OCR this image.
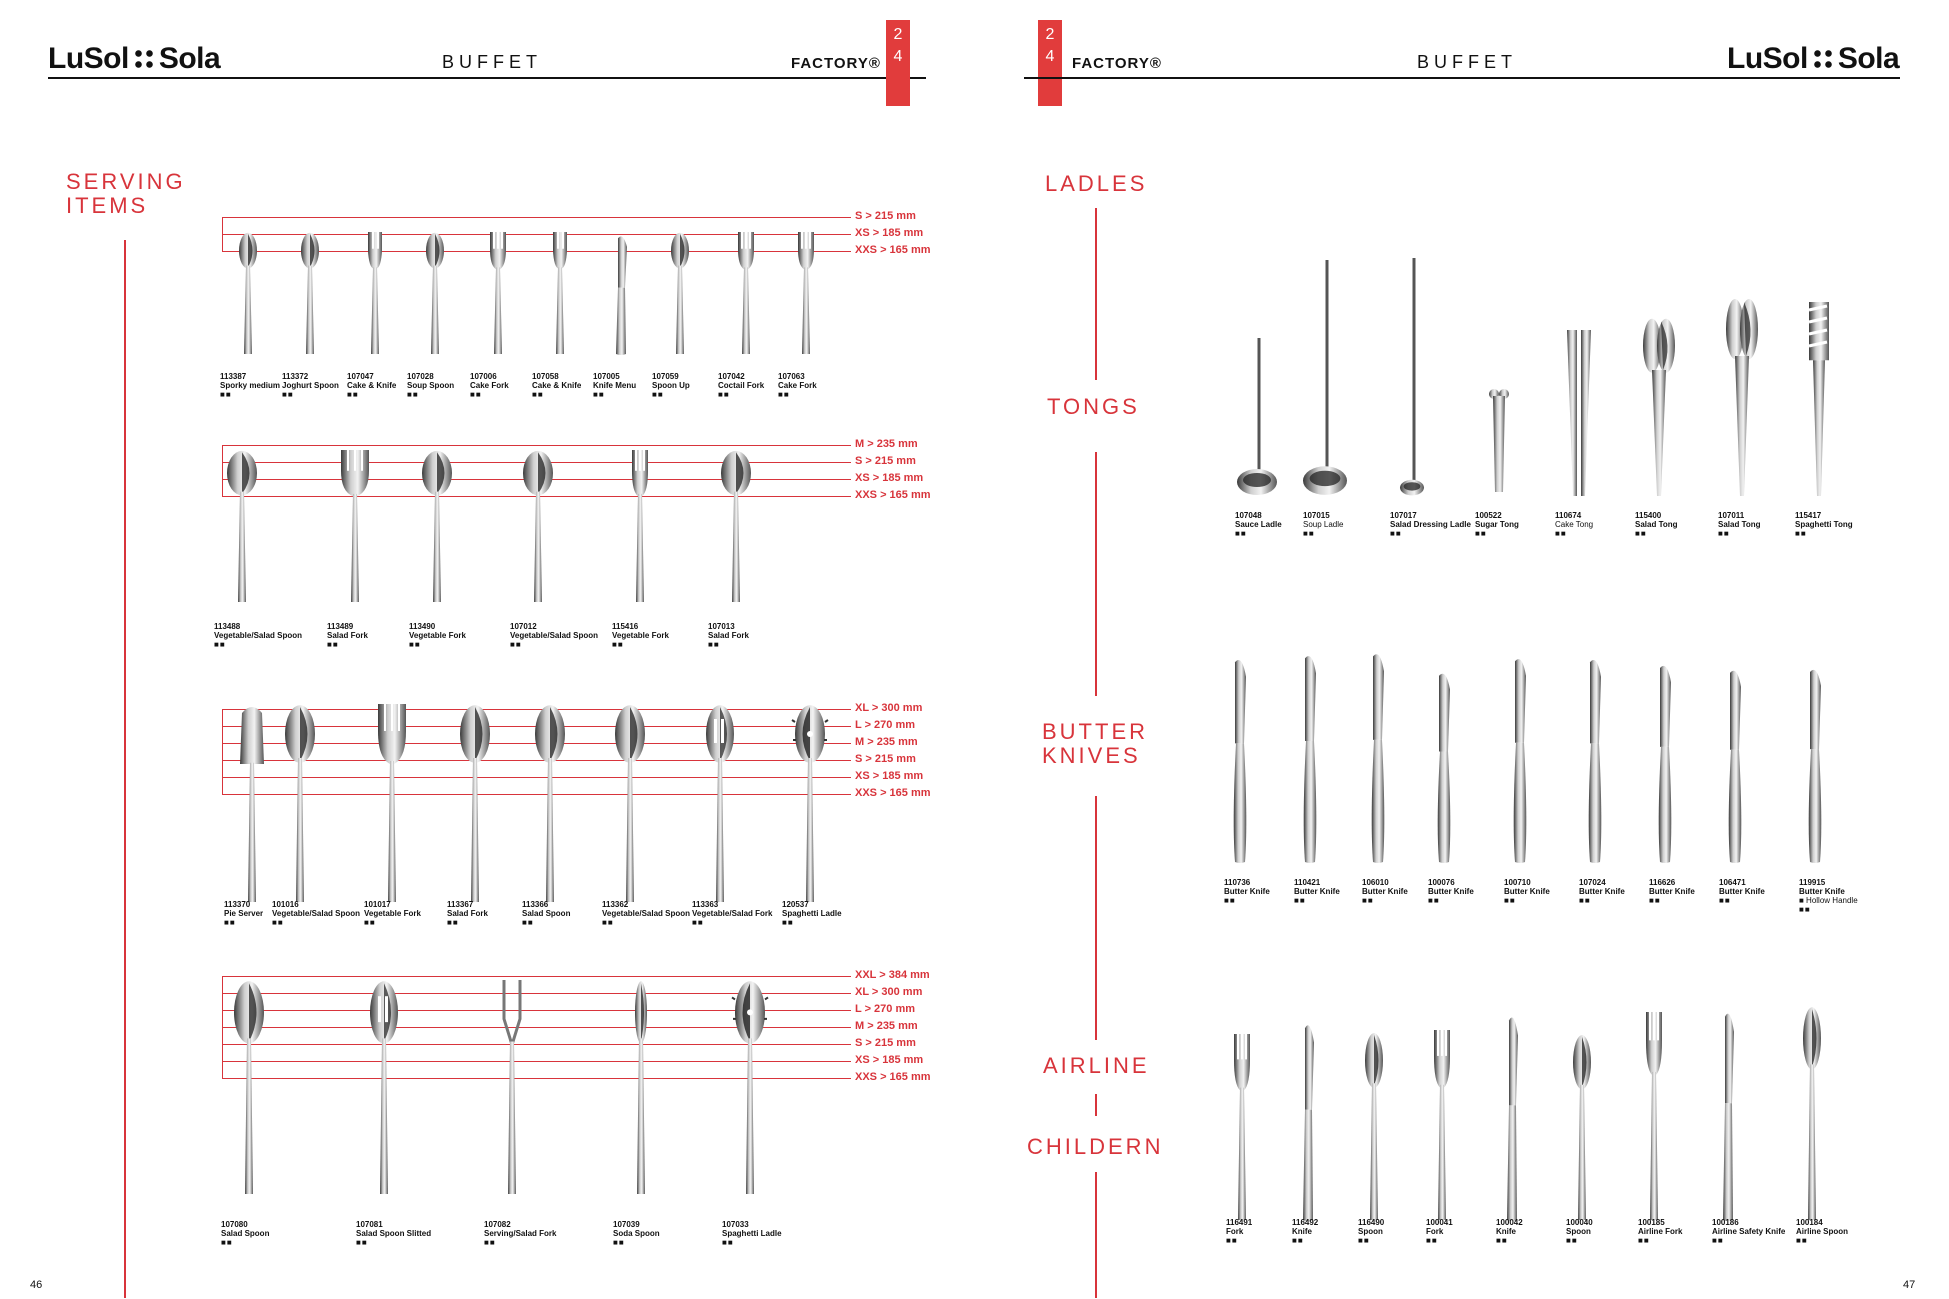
LuSol Sola	BUFFET	FACTORY®
2
4
2
4	FACTORY®	BUFFET	LuSol Sola
SERVING
ITEMS
LADLES
TONGS
BUTTER
KNIVES
AIRLINE
CHILDERN
46	47
S > 215 mm
XS > 185 mm
XXS > 165 mm
113387
Sporky medium
■■
113372
Joghurt Spoon
■■
107047
Cake & Knife
■■
107028
Soup Spoon
■■
107006
Cake Fork
■■
107058
Cake & Knife
■■
107005
Knife Menu
■■
107059
Spoon Up
■■
107042
Coctail Fork
■■
107063
Cake Fork
■■
M > 235 mm
S > 215 mm
XS > 185 mm
XXS > 165 mm
113488
Vegetable/Salad Spoon
■■
113489
Salad Fork
■■
113490
Vegetable Fork
■■
107012
Vegetable/Salad Spoon
■■
115416
Vegetable Fork
■■
107013
Salad Fork
■■
XL > 300 mm
L > 270 mm
M > 235 mm
S > 215 mm
XS > 185 mm
XXS > 165 mm
113370
Pie Server
■■
101016
Vegetable/Salad Spoon
■■
101017
Vegetable Fork
■■
113367
Salad Fork
■■
113366
Salad Spoon
■■
113362
Vegetable/Salad Spoon
■■
113363
Vegetable/Salad Fork
■■
120537
Spaghetti Ladle
■■
XXL > 384 mm
XL > 300 mm
L > 270 mm
M > 235 mm
S > 215 mm
XS > 185 mm
XXS > 165 mm
107080
Salad Spoon
■■
107081
Salad Spoon Slitted
■■
107082
Serving/Salad Fork
■■
107039
Soda Spoon
■■
107033
Spaghetti Ladle
■■
107048
Sauce Ladle
■■
107015
Soup Ladle
■■
107017
Salad Dressing Ladle
■■
100522
Sugar Tong
■■
110674
Cake Tong
■■
115400
Salad Tong
■■
107011
Salad Tong
■■
115417
Spaghetti Tong
■■
110736
Butter Knife
■■
110421
Butter Knife
■■
106010
Butter Knife
■■
100076
Butter Knife
■■
100710
Butter Knife
■■
107024
Butter Knife
■■
116626
Butter Knife
■■
106471
Butter Knife
■■
119915
Butter Knife
■ Hollow Handle
■■
116491
Fork
■■
116492
Knife
■■
116490
Spoon
■■
100041
Fork
■■
100042
Knife
■■
100040
Spoon
■■
100185
Airline Fork
■■
100186
Airline Safety Knife
■■
100184
Airline Spoon
■■
